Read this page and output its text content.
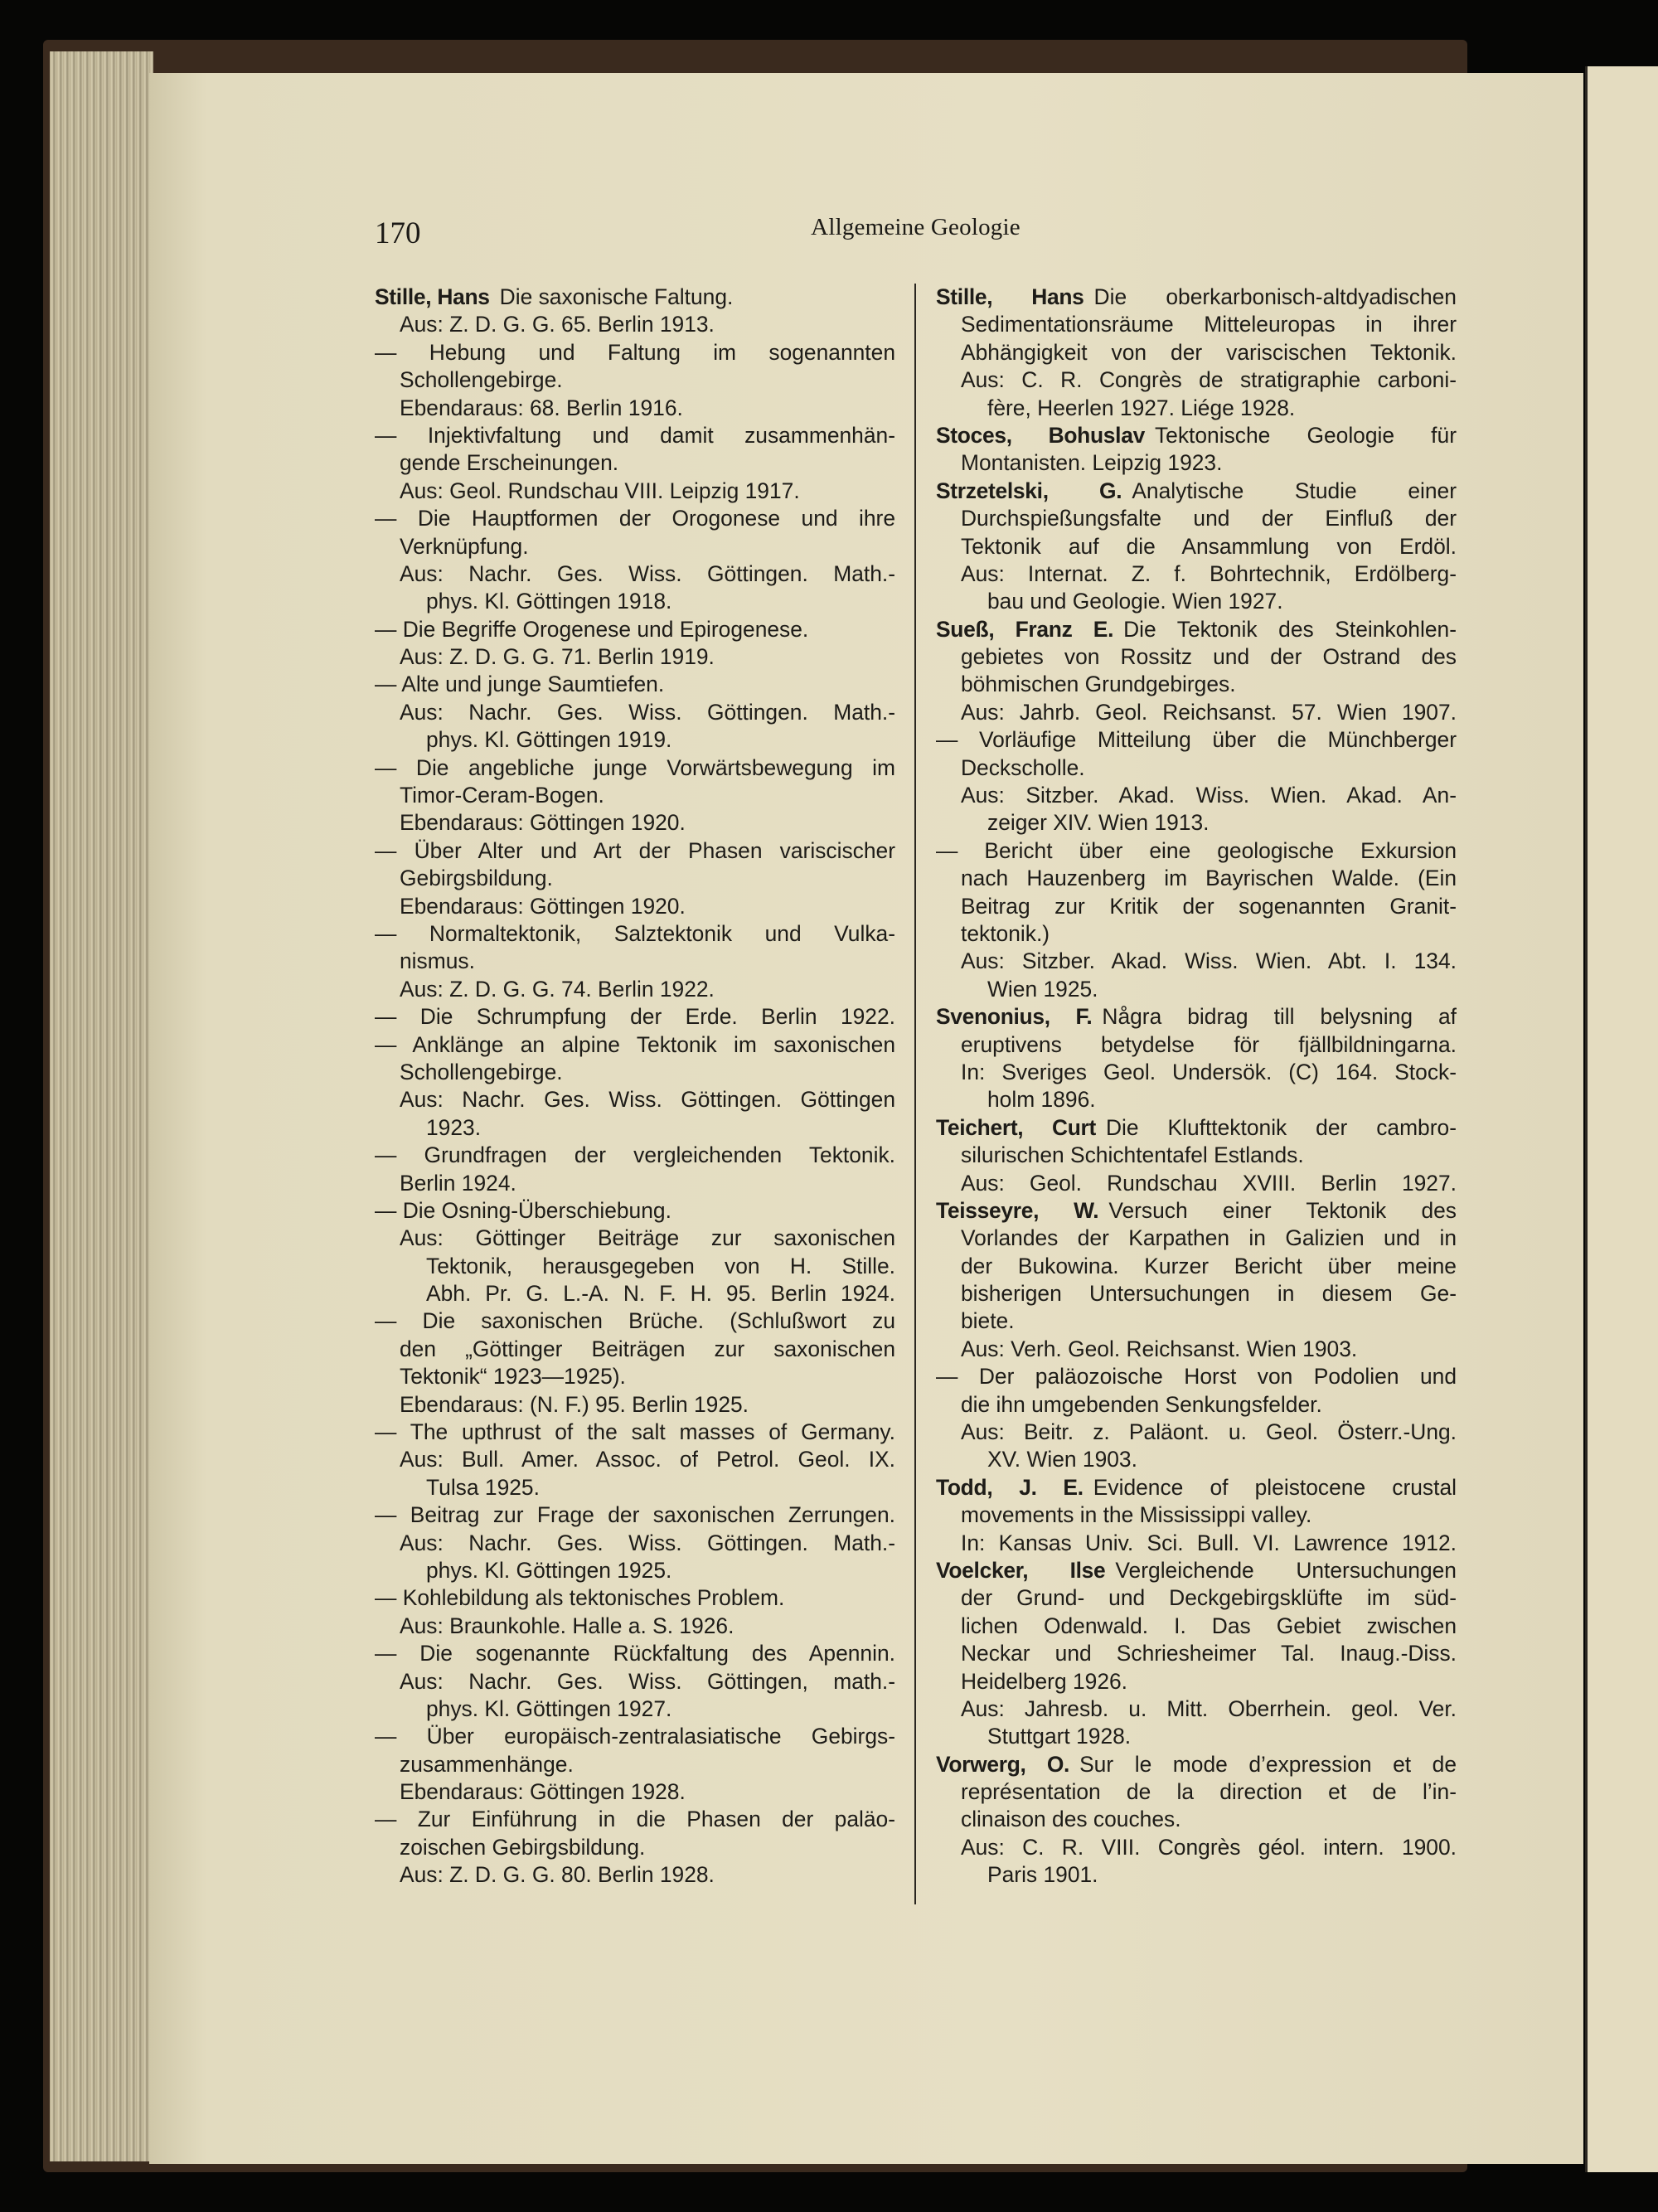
170	Allgemeine Geologie
Stille, Hans Die saxonische Faltung.
Aus: Z. D. G. G. 65. Berlin 1913.
— Hebung und Faltung im sogenannten
Schollengebirge.
Ebendaraus: 68. Berlin 1916.
— Injektivfaltung und damit zusammenhän-
gende Erscheinungen.
Aus: Geol. Rundschau VIII. Leipzig 1917.
— Die Hauptformen der Orogonese und ihre
Verknüpfung.
Aus: Nachr. Ges. Wiss. Göttingen. Math.-
phys. Kl. Göttingen 1918.
— Die Begriffe Orogenese und Epirogenese.
Aus: Z. D. G. G. 71. Berlin 1919.
— Alte und junge Saumtiefen.
Aus: Nachr. Ges. Wiss. Göttingen. Math.-
phys. Kl. Göttingen 1919.
— Die angebliche junge Vorwärtsbewegung im
Timor-Ceram-Bogen.
Ebendaraus: Göttingen 1920.
— Über Alter und Art der Phasen variscischer
Gebirgsbildung.
Ebendaraus: Göttingen 1920.
— Normaltektonik, Salztektonik und Vulka-
nismus.
Aus: Z. D. G. G. 74. Berlin 1922.
— Die Schrumpfung der Erde. Berlin 1922.
— Anklänge an alpine Tektonik im saxonischen
Schollengebirge.
Aus: Nachr. Ges. Wiss. Göttingen. Göttingen
1923.
— Grundfragen der vergleichenden Tektonik.
Berlin 1924.
— Die Osning-Überschiebung.
Aus: Göttinger Beiträge zur saxonischen
Tektonik, herausgegeben von H. Stille.
Abh. Pr. G. L.-A. N. F. H. 95. Berlin 1924.
— Die saxonischen Brüche. (Schlußwort zu
den „Göttinger Beiträgen zur saxonischen
Tektonik“ 1923—1925).
Ebendaraus: (N. F.) 95. Berlin 1925.
— The upthrust of the salt masses of Germany.
Aus: Bull. Amer. Assoc. of Petrol. Geol. IX.
Tulsa 1925.
— Beitrag zur Frage der saxonischen Zerrungen.
Aus: Nachr. Ges. Wiss. Göttingen. Math.-
phys. Kl. Göttingen 1925.
— Kohlebildung als tektonisches Problem.
Aus: Braunkohle. Halle a. S. 1926.
— Die sogenannte Rückfaltung des Apennin.
Aus: Nachr. Ges. Wiss. Göttingen, math.-
phys. Kl. Göttingen 1927.
— Über europäisch-zentralasiatische Gebirgs-
zusammenhänge.
Ebendaraus: Göttingen 1928.
— Zur Einführung in die Phasen der paläo-
zoischen Gebirgsbildung.
Aus: Z. D. G. G. 80. Berlin 1928.
Stille, Hans Die oberkarbonisch-altdyadischen
Sedimentationsräume Mitteleuropas in ihrer
Abhängigkeit von der variscischen Tektonik.
Aus: C. R. Congrès de stratigraphie carboni-
fère, Heerlen 1927. Liége 1928.
Stoces, Bohuslav Tektonische Geologie für
Montanisten. Leipzig 1923.
Strzetelski, G. Analytische Studie einer
Durchspießungsfalte und der Einfluß der
Tektonik auf die Ansammlung von Erdöl.
Aus: Internat. Z. f. Bohrtechnik, Erdölberg-
bau und Geologie. Wien 1927.
Sueß, Franz E. Die Tektonik des Steinkohlen-
gebietes von Rossitz und der Ostrand des
böhmischen Grundgebirges.
Aus: Jahrb. Geol. Reichsanst. 57. Wien 1907.
— Vorläufige Mitteilung über die Münchberger
Deckscholle.
Aus: Sitzber. Akad. Wiss. Wien. Akad. An-
zeiger XIV. Wien 1913.
— Bericht über eine geologische Exkursion
nach Hauzenberg im Bayrischen Walde. (Ein
Beitrag zur Kritik der sogenannten Granit-
tektonik.)
Aus: Sitzber. Akad. Wiss. Wien. Abt. I. 134.
Wien 1925.
Svenonius, F. Några bidrag till belysning af
eruptivens betydelse för fjällbildningarna.
In: Sveriges Geol. Undersök. (C) 164. Stock-
holm 1896.
Teichert, Curt Die Klufttektonik der cambro-
silurischen Schichtentafel Estlands.
Aus: Geol. Rundschau XVIII. Berlin 1927.
Teisseyre, W. Versuch einer Tektonik des
Vorlandes der Karpathen in Galizien und in
der Bukowina. Kurzer Bericht über meine
bisherigen Untersuchungen in diesem Ge-
biete.
Aus: Verh. Geol. Reichsanst. Wien 1903.
— Der paläozoische Horst von Podolien und
die ihn umgebenden Senkungsfelder.
Aus: Beitr. z. Paläont. u. Geol. Österr.-Ung.
XV. Wien 1903.
Todd, J. E. Evidence of pleistocene crustal
movements in the Mississippi valley.
In: Kansas Univ. Sci. Bull. VI. Lawrence 1912.
Voelcker, Ilse Vergleichende Untersuchungen
der Grund- und Deckgebirgsklüfte im süd-
lichen Odenwald. I. Das Gebiet zwischen
Neckar und Schriesheimer Tal. Inaug.-Diss.
Heidelberg 1926.
Aus: Jahresb. u. Mitt. Oberrhein. geol. Ver.
Stuttgart 1928.
Vorwerg, O. Sur le mode d’expression et de
représentation de la direction et de l’in-
clinaison des couches.
Aus: C. R. VIII. Congrès géol. intern. 1900.
Paris 1901.
